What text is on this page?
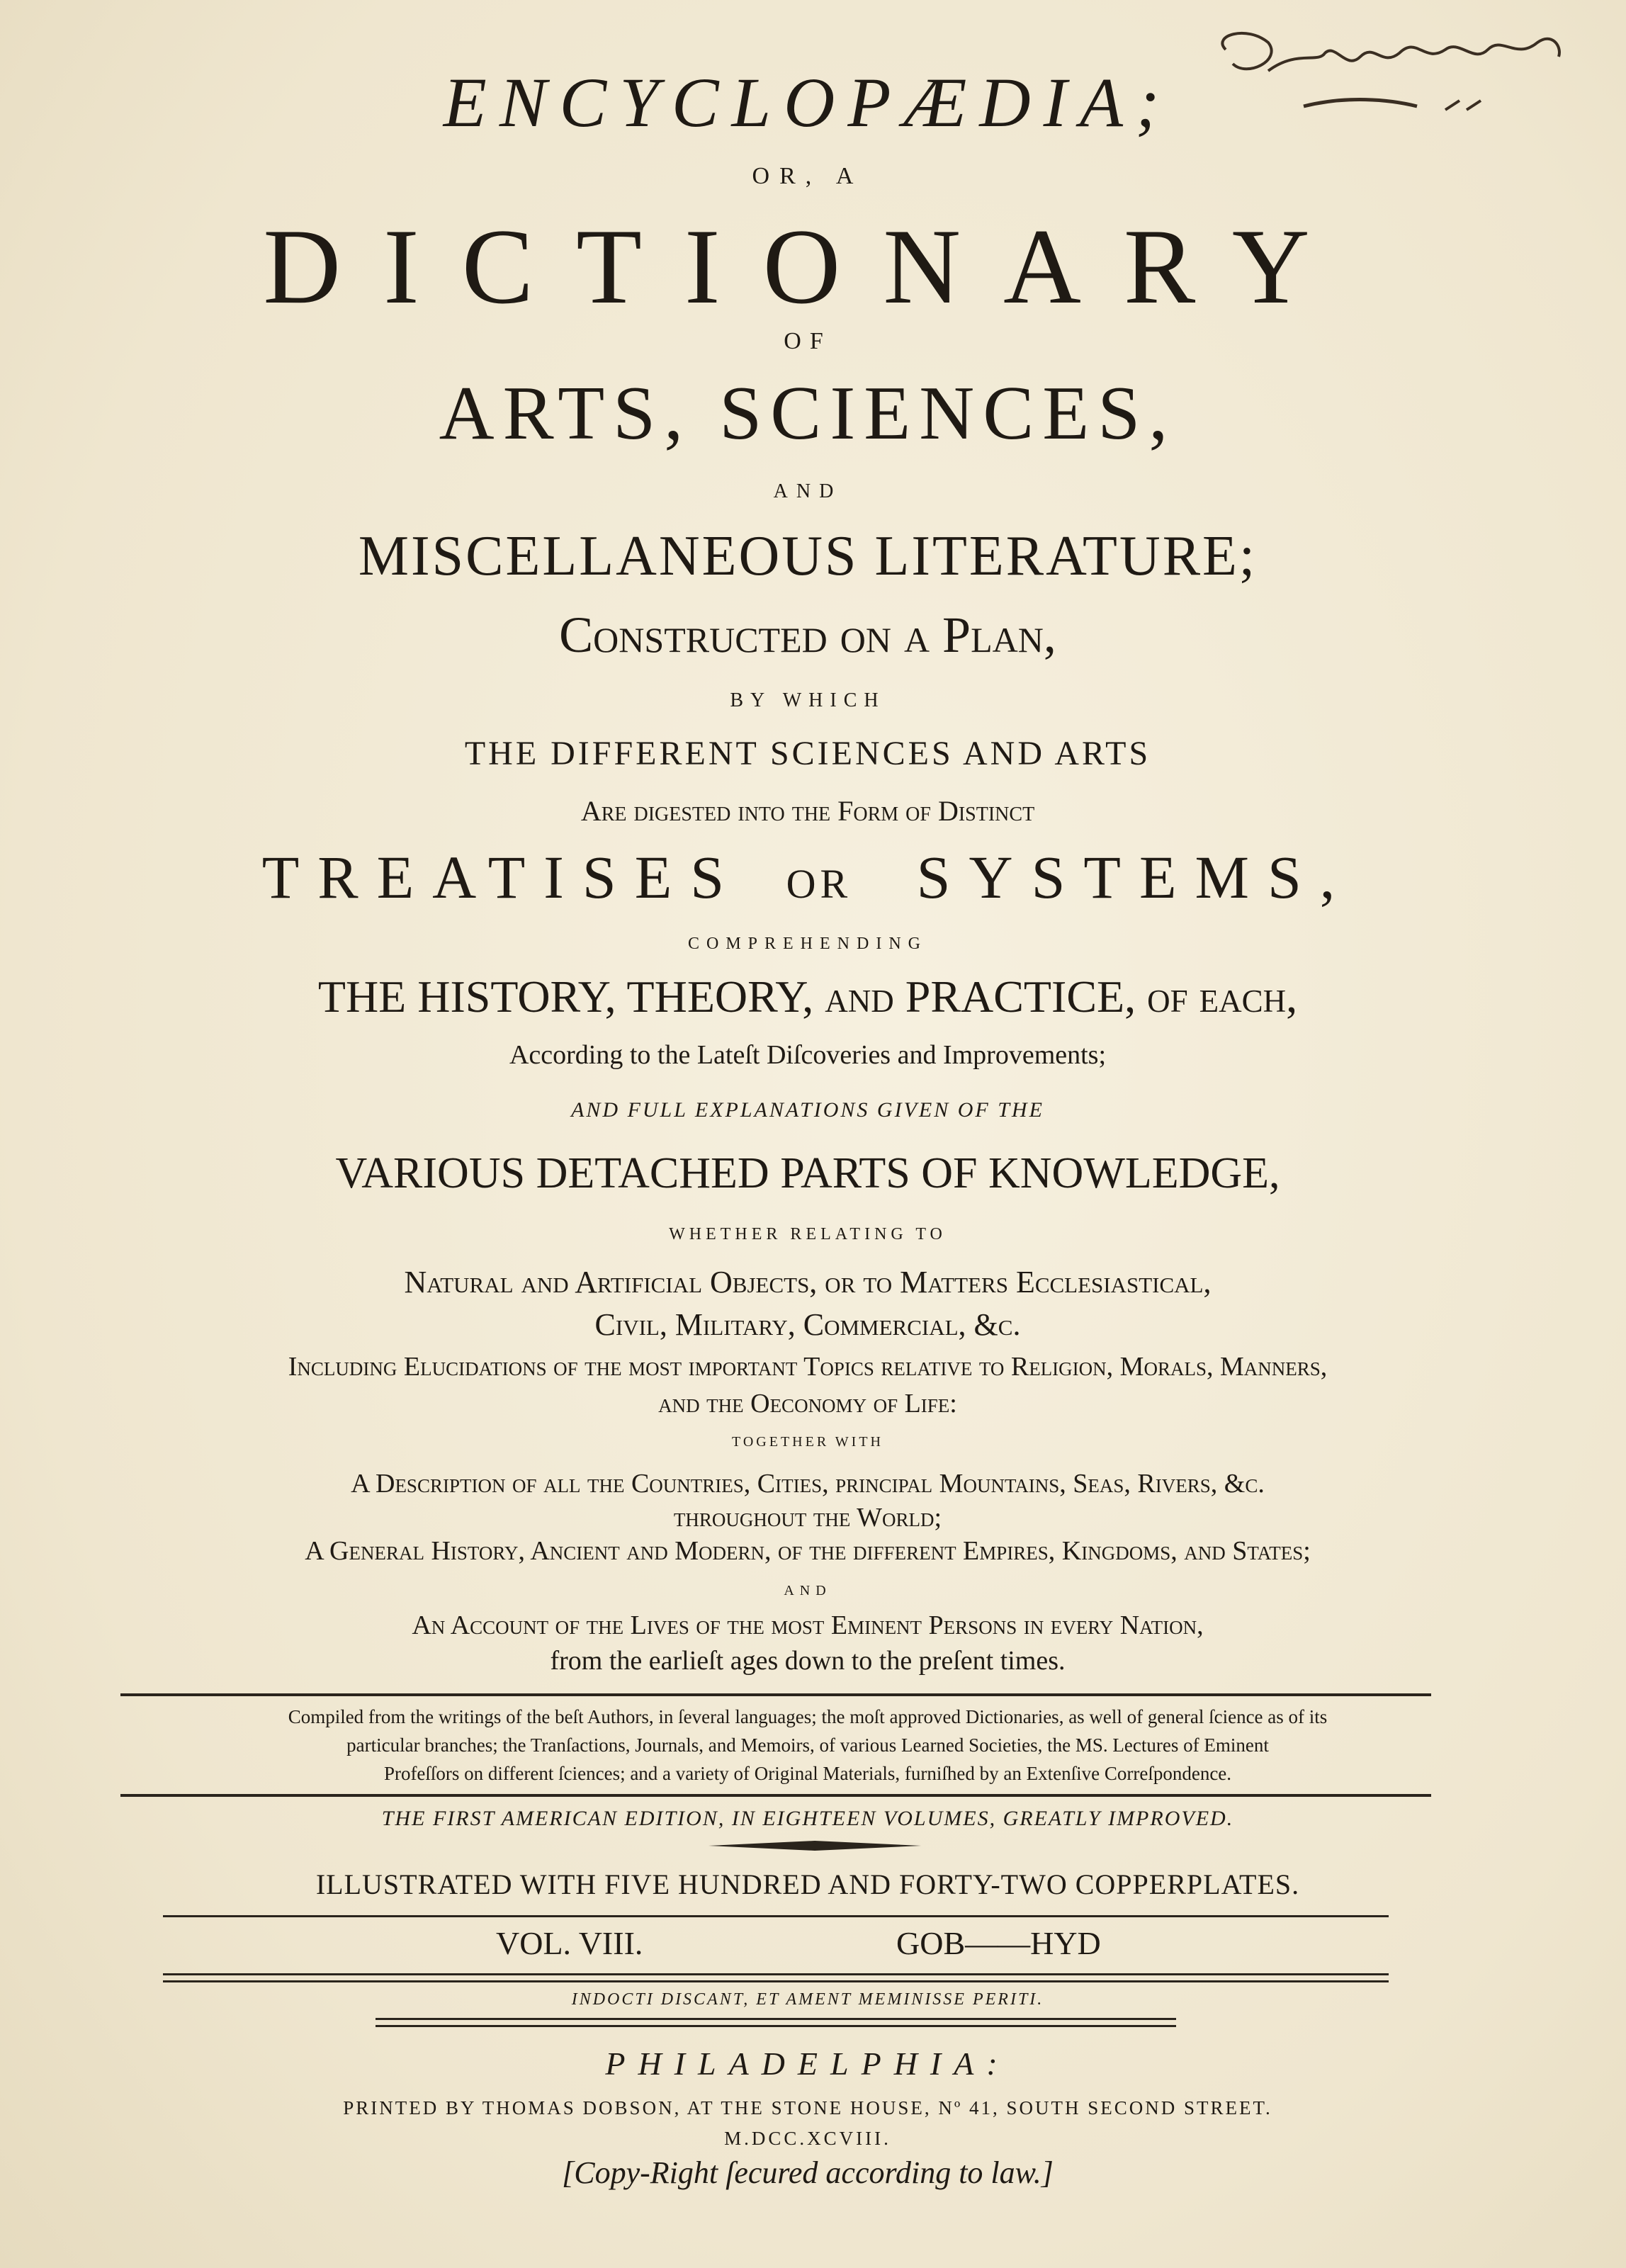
ENCYCLOPÆDIA;
OR, A
DICTIONARY
OF
ARTS, SCIENCES,
AND
MISCELLANEOUS LITERATURE;
Conſtructed on a Plan,
BY WHICH
THE DIFFERENT SCIENCES AND ARTS
Are digeſted into the Form of Diſtinct
TREATISES OR SYSTEMS,
COMPREHENDING
THE HISTORY, THEORY, and PRACTICE, of each,
According to the Lateſt Diſcoveries and Improvements;
AND FULL EXPLANATIONS GIVEN OF THE
VARIOUS DETACHED PARTS OF KNOWLEDGE,
WHETHER RELATING TO
Natural and Artificial Objects, or to Matters Ecclesiastical,
Civil, Military, Commercial, &c.
Including Elucidations of the moſt important Topics relative to Religion, Morals, Manners,
and the Oeconomy of Life:
TOGETHER WITH
A Description of all the Countries, Cities, principal Mountains, Seas, Rivers, &c.
throughout the World;
A General History, Ancient and Modern, of the different Empires, Kingdoms, and States;
AND
An Account of the Lives of the moſt Eminent Perſons in every Nation,
from the earlieſt ages down to the preſent times.
Compiled from the writings of the beſt Authors, in ſeveral languages; the moſt approved Dictionaries, as well of general ſcience as of its
particular branches; the Tranſactions, Journals, and Memoirs, of various Learned Societies, the MS. Lectures of Eminent
Profeſſors on different ſciences; and a variety of Original Materials, furniſhed by an Extenſive Correſpondence.
THE FIRST AMERICAN EDITION, IN EIGHTEEN VOLUMES, GREATLY IMPROVED.
ILLUSTRATED WITH FIVE HUNDRED AND FORTY-TWO COPPERPLATES.
VOL. VIII.	GOB——HYD
INDOCTI DISCANT, ET AMENT MEMINISSE PERITI.
PHILADELPHIA:
PRINTED BY THOMAS DOBSON, AT THE STONE HOUSE, Nº 41, SOUTH SECOND STREET.
M.DCC.XCVIII.
[Copy-Right ſecured according to law.]
